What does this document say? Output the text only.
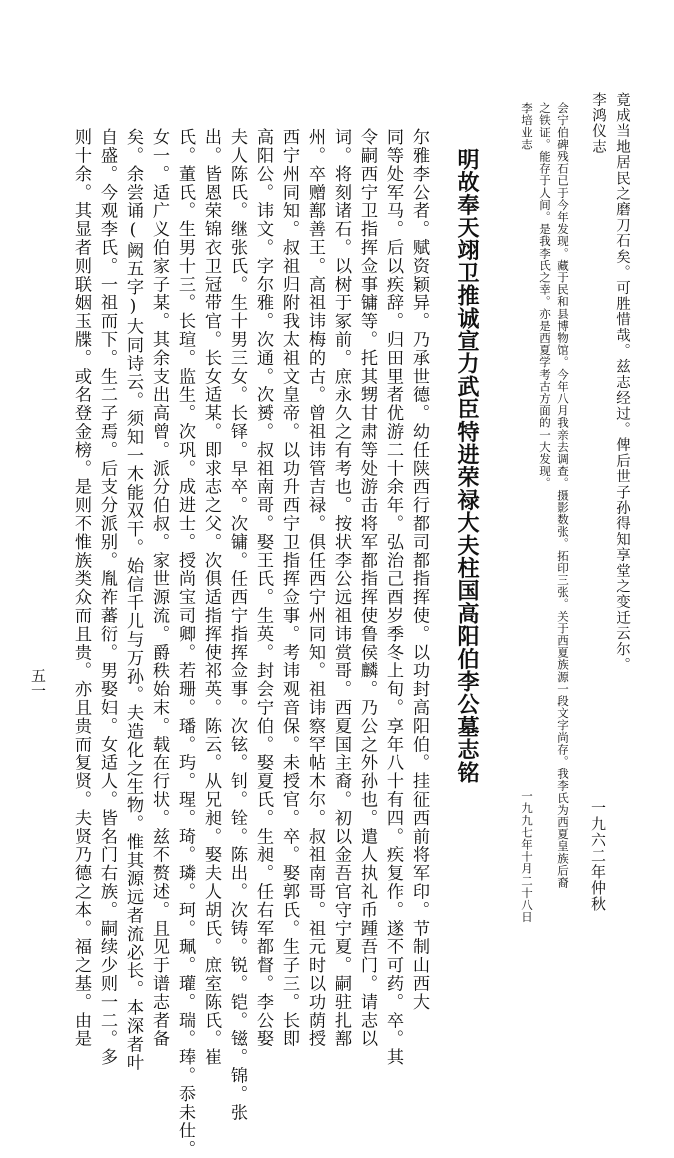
竟成当地居民之磨刀石矣。可胜惜哉。兹志经过。俾后世子孙得知享堂之变迁云尔。
李鸿仪志
一九六二年仲秋
会宁伯碑残石已于今年发现。藏于民和县博物馆。今年八月我亲去调查。摄影数张。拓印三张。关于西夏族源一段文字尚存。我李氏为西夏皇族后裔
之铁证。能存于人间。是我李氏之幸。亦是西夏学考古方面的一大发现。
李培业志
一九九七年十月二十八日
明故奉天翊卫推诚宣力武臣特进荣禄大夫柱国高阳伯李公墓志铭
尔雅李公者。赋资颖异。乃承世德。幼任陕西行都司都指挥使。以功封高阳伯。挂征西前将军印。节制山西大
同等处军马。后以疾辞。归田里者优游二十余年。弘治己酉岁季冬上旬。享年八十有四。疾复作。遂不可药。卒。其
令嗣西宁卫指挥佥事镛等。托其甥甘肃等处游击将军都指挥使鲁侯麟。乃公之外孙也。遣人执礼币踵吾门。请志以
词。将刻诸石。以树于冢前。庶永久之有考也。按状李公远祖讳赏哥。西夏国主裔。初以金吾官守宁夏。嗣驻扎鄯
州。卒赠鄯善王。高祖讳梅的古。曾祖讳管吉禄。俱任西宁州同知。祖讳察罕帖木尔。叔祖南哥。祖元时以功荫授
西宁州同知。叔祖归附我太祖文皇帝。以功升西宁卫指挥佥事。考讳观音保。未授官。卒。娶郭氏。生子三。长即
高阳公。讳文。字尔雅。次通。次赟。叔祖南哥。娶王氏。生英。封会宁伯。娶夏氏。生昶。任右军都督。李公娶
夫人陈氏。继张氏。生十男三女。长铎。早卒。次镛。任西宁指挥佥事。次铉。钊。铨。陈出。次铸。锐。铠。镃。锦。张
出。皆恩荣锦衣卫冠带官。长女适某。即求志之父。次俱适指挥使祁英。陈云。从兄昶。娶夫人胡氏。庶室陈氏。崔
氏。董氏。生男十三。长瑄。监生。次巩。成进士。授尚宝司卿。若珊。璠。玙。瑆。琦。璘。珂。珮。瓘。瑞。琫。忝未仕。
女一。适广义伯家子某。其余支出高曾。派分伯叔。家世源流。爵秩始末。载在行状。兹不赘述。且见于谱志者备
矣。余尝诵(阙五字)大同诗云。须知一木能双干。始信千儿与万孙。夫造化之生物。惟其源远者流必长。本深者叶
自盛。今观李氏。一祖而下。生二子焉。后支分派别。胤祚蕃衍。男娶妇。女适人。皆名门右族。嗣续少则一二。多
则十余。其显者则联姻玉牒。或名登金榜。是则不惟族类众而且贵。亦且贵而复贤。夫贤乃德之本。福之基。由是
五一
